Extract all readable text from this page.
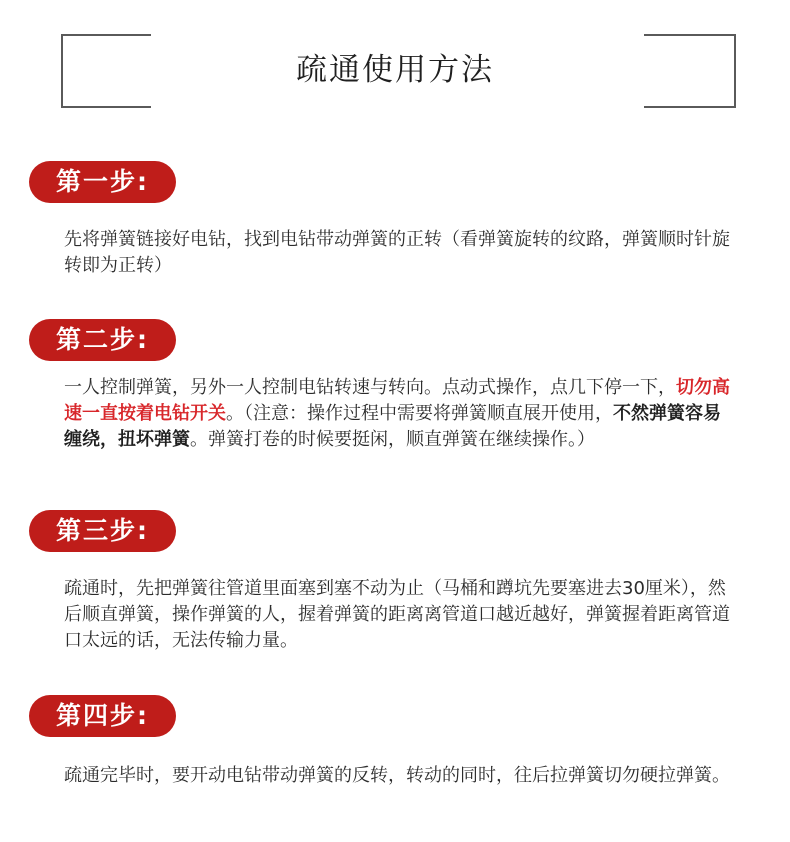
疏通使用方法
第一步:

先将弹簧链接好电钻，找到电钻带动弹簧的正转（看弹簧旋转的纹路，弹簧顺时针旋转即为正转）

第二步:

一人控制弹簧，另外一人控制电钻转速与转向。点动式操作，点几下停一下，切勿高速一直按着电钻开关。（注意：操作过程中需要将弹簧顺直展开使用，不然弹簧容易缠绕，扭坏弹簧。弹簧打卷的时候要挺闲，顺直弹簧在继续操作。）

第三步:

疏通时，先把弹簧往管道里面塞到塞不动为止（马桶和蹲坑先要塞进去30厘米），然后顺直弹簧，操作弹簧的人，握着弹簧的距离离管道口越近越好，弹簧握着距离管道口太远的话，无法传输力量。

第四步:

疏通完毕时，要开动电钻带动弹簧的反转，转动的同时，往后拉弹簧切勿硬拉弹簧。
